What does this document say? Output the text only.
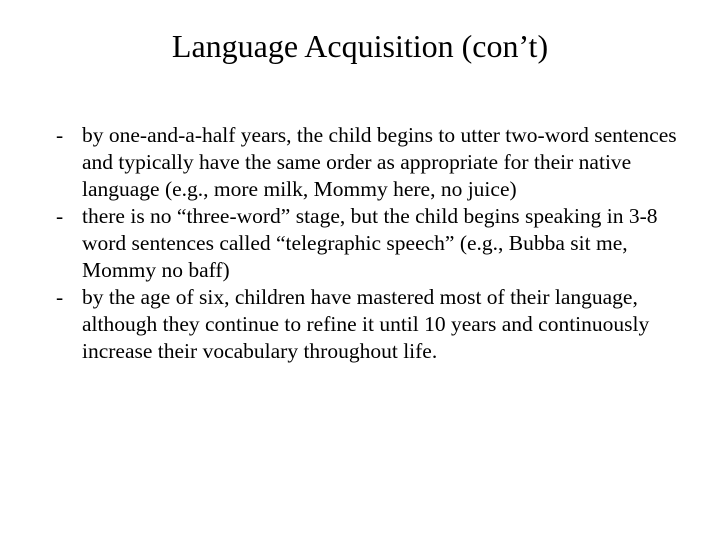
Language Acquisition (con’t)
- by one-and-a-half years, the child begins to utter two-word sentences and typically have the same order as appropriate for their native language (e.g., more milk, Mommy here, no juice)
- there is no “three-word” stage, but the child begins speaking in 3-8 word sentences called “telegraphic speech” (e.g., Bubba sit me, Mommy no baff)
- by the age of six, children have mastered most of their language, although they continue to refine it until 10 years and continuously increase their vocabulary throughout life.
